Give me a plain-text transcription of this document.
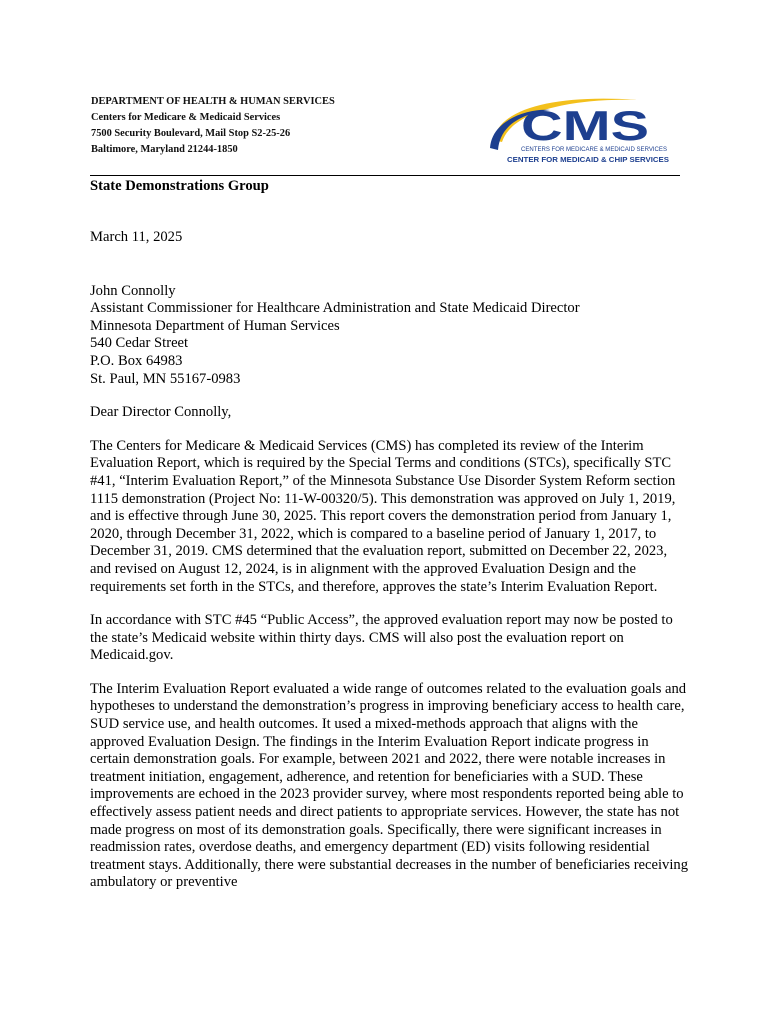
DEPARTMENT OF HEALTH & HUMAN SERVICES
Centers for Medicare & Medicaid Services
7500 Security Boulevard, Mail Stop S2-25-26
Baltimore, Maryland 21244-1850
CMS
CENTERS FOR MEDICARE & MEDICAID SERVICES
CENTER FOR MEDICAID & CHIP SERVICES
State Demonstrations Group

March 11, 2025

John Connolly
Assistant Commissioner for Healthcare Administration and State Medicaid Director
Minnesota Department of Human Services
540 Cedar Street
P.O. Box 64983
St. Paul, MN 55167-0983

Dear Director Connolly,

The Centers for Medicare & Medicaid Services (CMS) has completed its review of the Interim Evaluation Report, which is required by the Special Terms and conditions (STCs), specifically STC #41, “Interim Evaluation Report,” of the Minnesota Substance Use Disorder System Reform section 1115 demonstration (Project No: 11-W-00320/5). This demonstration was approved on July 1, 2019, and is effective through June 30, 2025. This report covers the demonstration period from January 1, 2020, through December 31, 2022, which is compared to a baseline period of January 1, 2017, to December 31, 2019. CMS determined that the evaluation report, submitted on December 22, 2023, and revised on August 12, 2024, is in alignment with the approved Evaluation Design and the requirements set forth in the STCs, and therefore, approves the state’s Interim Evaluation Report.

In accordance with STC #45 “Public Access”, the approved evaluation report may now be posted to the state’s Medicaid website within thirty days. CMS will also post the evaluation report on Medicaid.gov.

The Interim Evaluation Report evaluated a wide range of outcomes related to the evaluation goals and hypotheses to understand the demonstration’s progress in improving beneficiary access to health care, SUD service use, and health outcomes. It used a mixed-methods approach that aligns with the approved Evaluation Design. The findings in the Interim Evaluation Report indicate progress in certain demonstration goals. For example, between 2021 and 2022, there were notable increases in treatment initiation, engagement, adherence, and retention for beneficiaries with a SUD. These improvements are echoed in the 2023 provider survey, where most respondents reported being able to effectively assess patient needs and direct patients to appropriate services. However, the state has not made progress on most of its demonstration goals. Specifically, there were significant increases in readmission rates, overdose deaths, and emergency department (ED) visits following residential treatment stays. Additionally, there were substantial decreases in the number of beneficiaries receiving ambulatory or preventive
